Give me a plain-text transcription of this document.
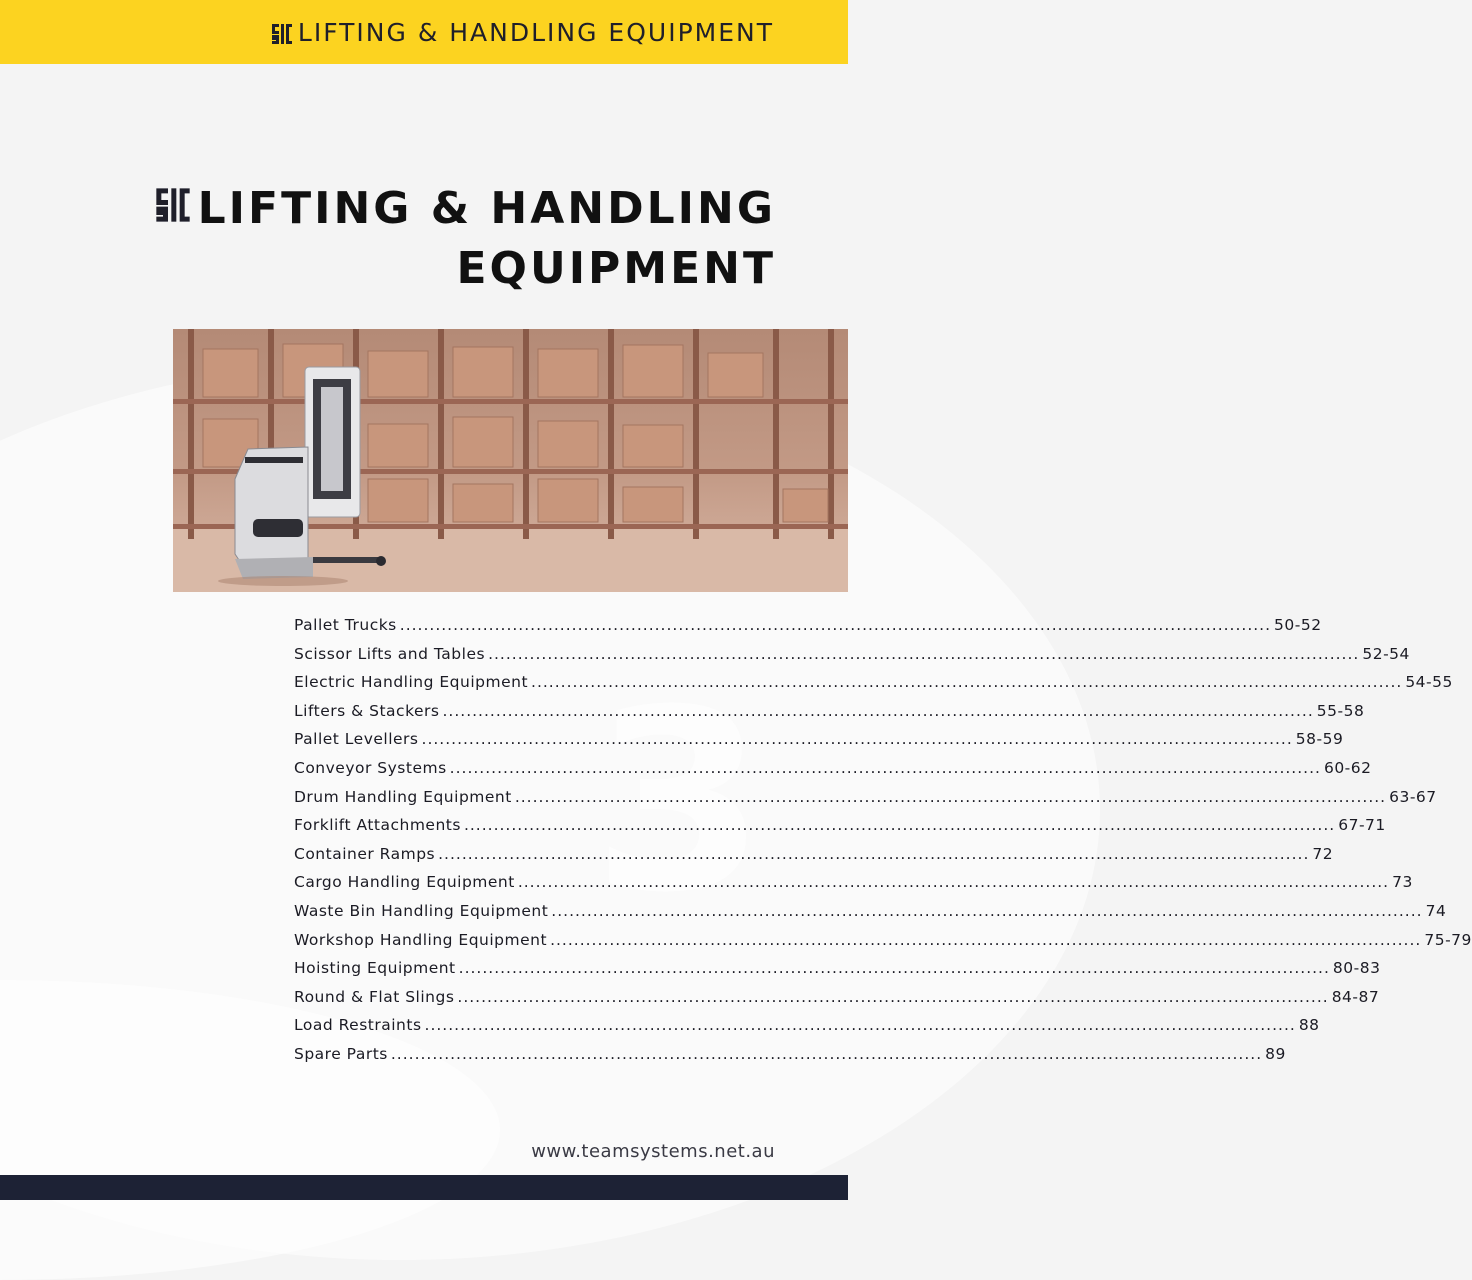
LIFTING & HANDLING EQUIPMENT
LIFTING & HANDLING
EQUIPMENT
3
Pallet Trucks .....	50-52
Scissor Lifts and Tables .....	52-54
Electric Handling Equipment .....	54-55
Lifters & Stackers .....	55-58
Pallet Levellers .....	58-59
Conveyor Systems .....	60-62
Drum Handling Equipment .....	63-67
Forklift Attachments .....	67-71
Container Ramps .....	72
Cargo Handling Equipment .....	73
Waste Bin Handling Equipment .....	74
Workshop Handling Equipment .....	75-79
Hoisting Equipment .....	80-83
Round & Flat Slings .....	84-87
Load Restraints .....	88
Spare Parts .....	89
www.teamsystems.net.au
